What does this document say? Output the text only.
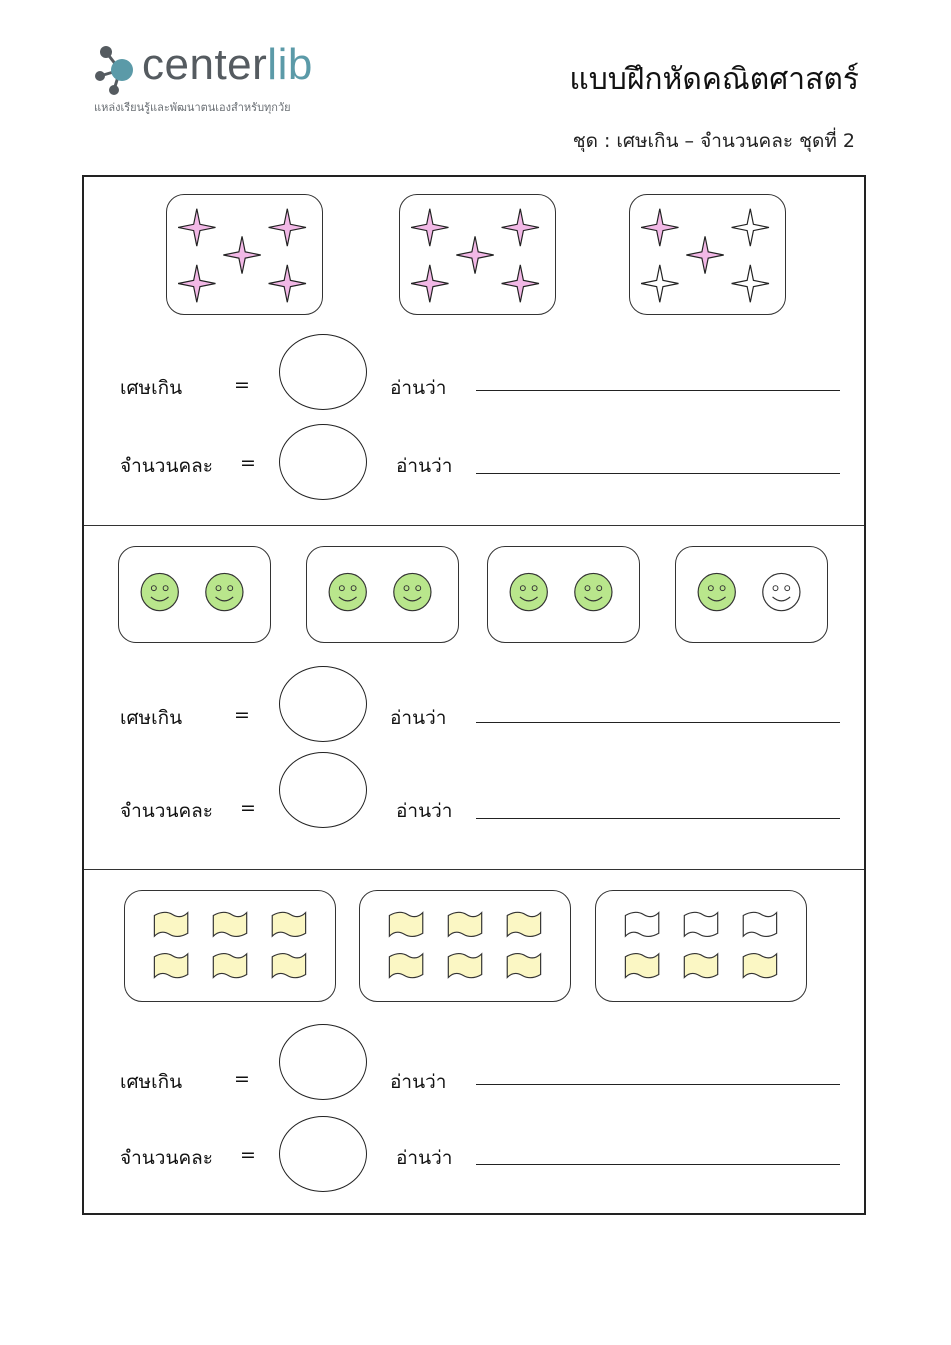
centerlib
แหล่งเรียนรู้และพัฒนาตนเองสำหรับทุกวัย
แบบฝึกหัดคณิตศาสตร์
ชุด : เศษเกิน – จำนวนคละ ชุดที่ 2
เศษเกิน	=	อ่านว่า
จำนวนคละ =	อ่านว่า
เศษเกิน	=	อ่านว่า
จำนวนคละ =	อ่านว่า
เศษเกิน	=	อ่านว่า
จำนวนคละ =	อ่านว่า
